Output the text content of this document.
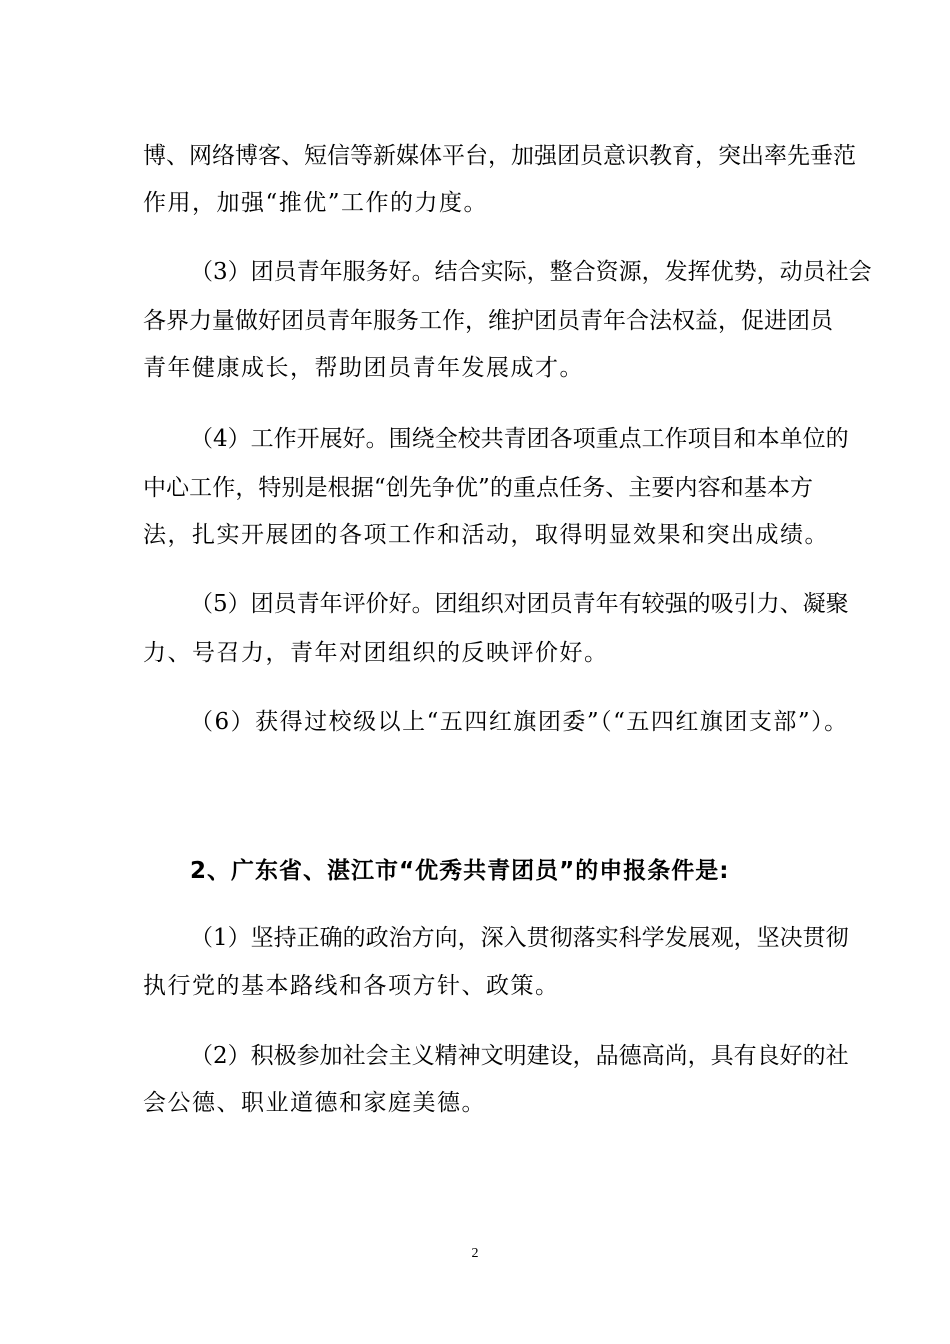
博、网络博客、短信等新媒体平台，加强团员意识教育，突出率先垂范
作用，加强“推优”工作的力度。
（3）团员青年服务好。结合实际，整合资源，发挥优势，动员社会
各界力量做好团员青年服务工作，维护团员青年合法权益，促进团员
青年健康成长，帮助团员青年发展成才。
（4）工作开展好。围绕全校共青团各项重点工作项目和本单位的
中心工作，特别是根据“创先争优”的重点任务、主要内容和基本方
法，扎实开展团的各项工作和活动，取得明显效果和突出成绩。
（5）团员青年评价好。团组织对团员青年有较强的吸引力、凝聚
力、号召力，青年对团组织的反映评价好。
（6）获得过校级以上“五四红旗团委”（“五四红旗团支部”）。
2、广东省、湛江市“优秀共青团员”的申报条件是:
（1）坚持正确的政治方向，深入贯彻落实科学发展观，坚决贯彻
执行党的基本路线和各项方针、政策。
（2）积极参加社会主义精神文明建设，品德高尚，具有良好的社
会公德、职业道德和家庭美德。
2
